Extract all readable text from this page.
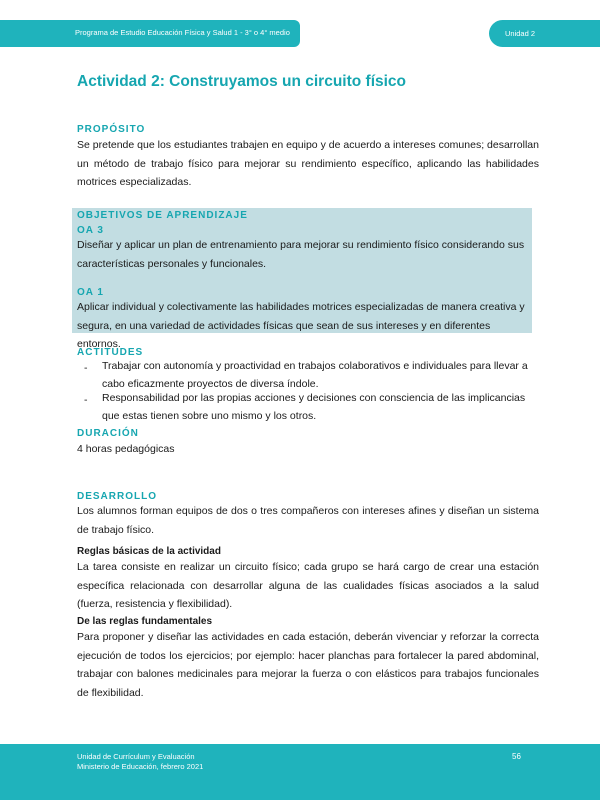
Programa de Estudio Educación Física y Salud 1 - 3° o 4° medio	Unidad 2
Actividad 2: Construyamos un circuito físico
PROPÓSITO

Se pretende que los estudiantes trabajen en equipo y de acuerdo a intereses comunes; desarrollan un método de trabajo físico para mejorar su rendimiento específico, aplicando las habilidades motrices especializadas.

OBJETIVOS DE APRENDIZAJE
OA 3

Diseñar y aplicar un plan de entrenamiento para mejorar su rendimiento físico considerando sus características personales y funcionales.

OA 1

Aplicar individual y colectivamente las habilidades motrices especializadas de manera creativa y segura, en una variedad de actividades físicas que sean de sus intereses y en diferentes entornos.

ACTITUDES
- Trabajar con autonomía y proactividad en trabajos colaborativos e individuales para llevar a cabo eficazmente proyectos de diversa índole.

- Responsabilidad por las propias acciones y decisiones con consciencia de las implicancias que estas tienen sobre uno mismo y los otros.

DURACIÓN

4 horas pedagógicas

DESARROLLO

Los alumnos forman equipos de dos o tres compañeros con intereses afines y diseñan un sistema de trabajo físico.

Reglas básicas de la actividad

La tarea consiste en realizar un circuito físico; cada grupo se hará cargo de crear una estación específica relacionada con desarrollar alguna de las cualidades físicas asociados a la salud (fuerza, resistencia y flexibilidad).

De las reglas fundamentales

Para proponer y diseñar las actividades en cada estación, deberán vivenciar y reforzar la correcta ejecución de todos los ejercicios; por ejemplo: hacer planchas para fortalecer la pared abdominal, trabajar con balones medicinales para mejorar la fuerza o con elásticos para trabajos funcionales de flexibilidad.

Unidad de Currículum y Evaluación
Ministerio de Educación, febrero 2021
56
